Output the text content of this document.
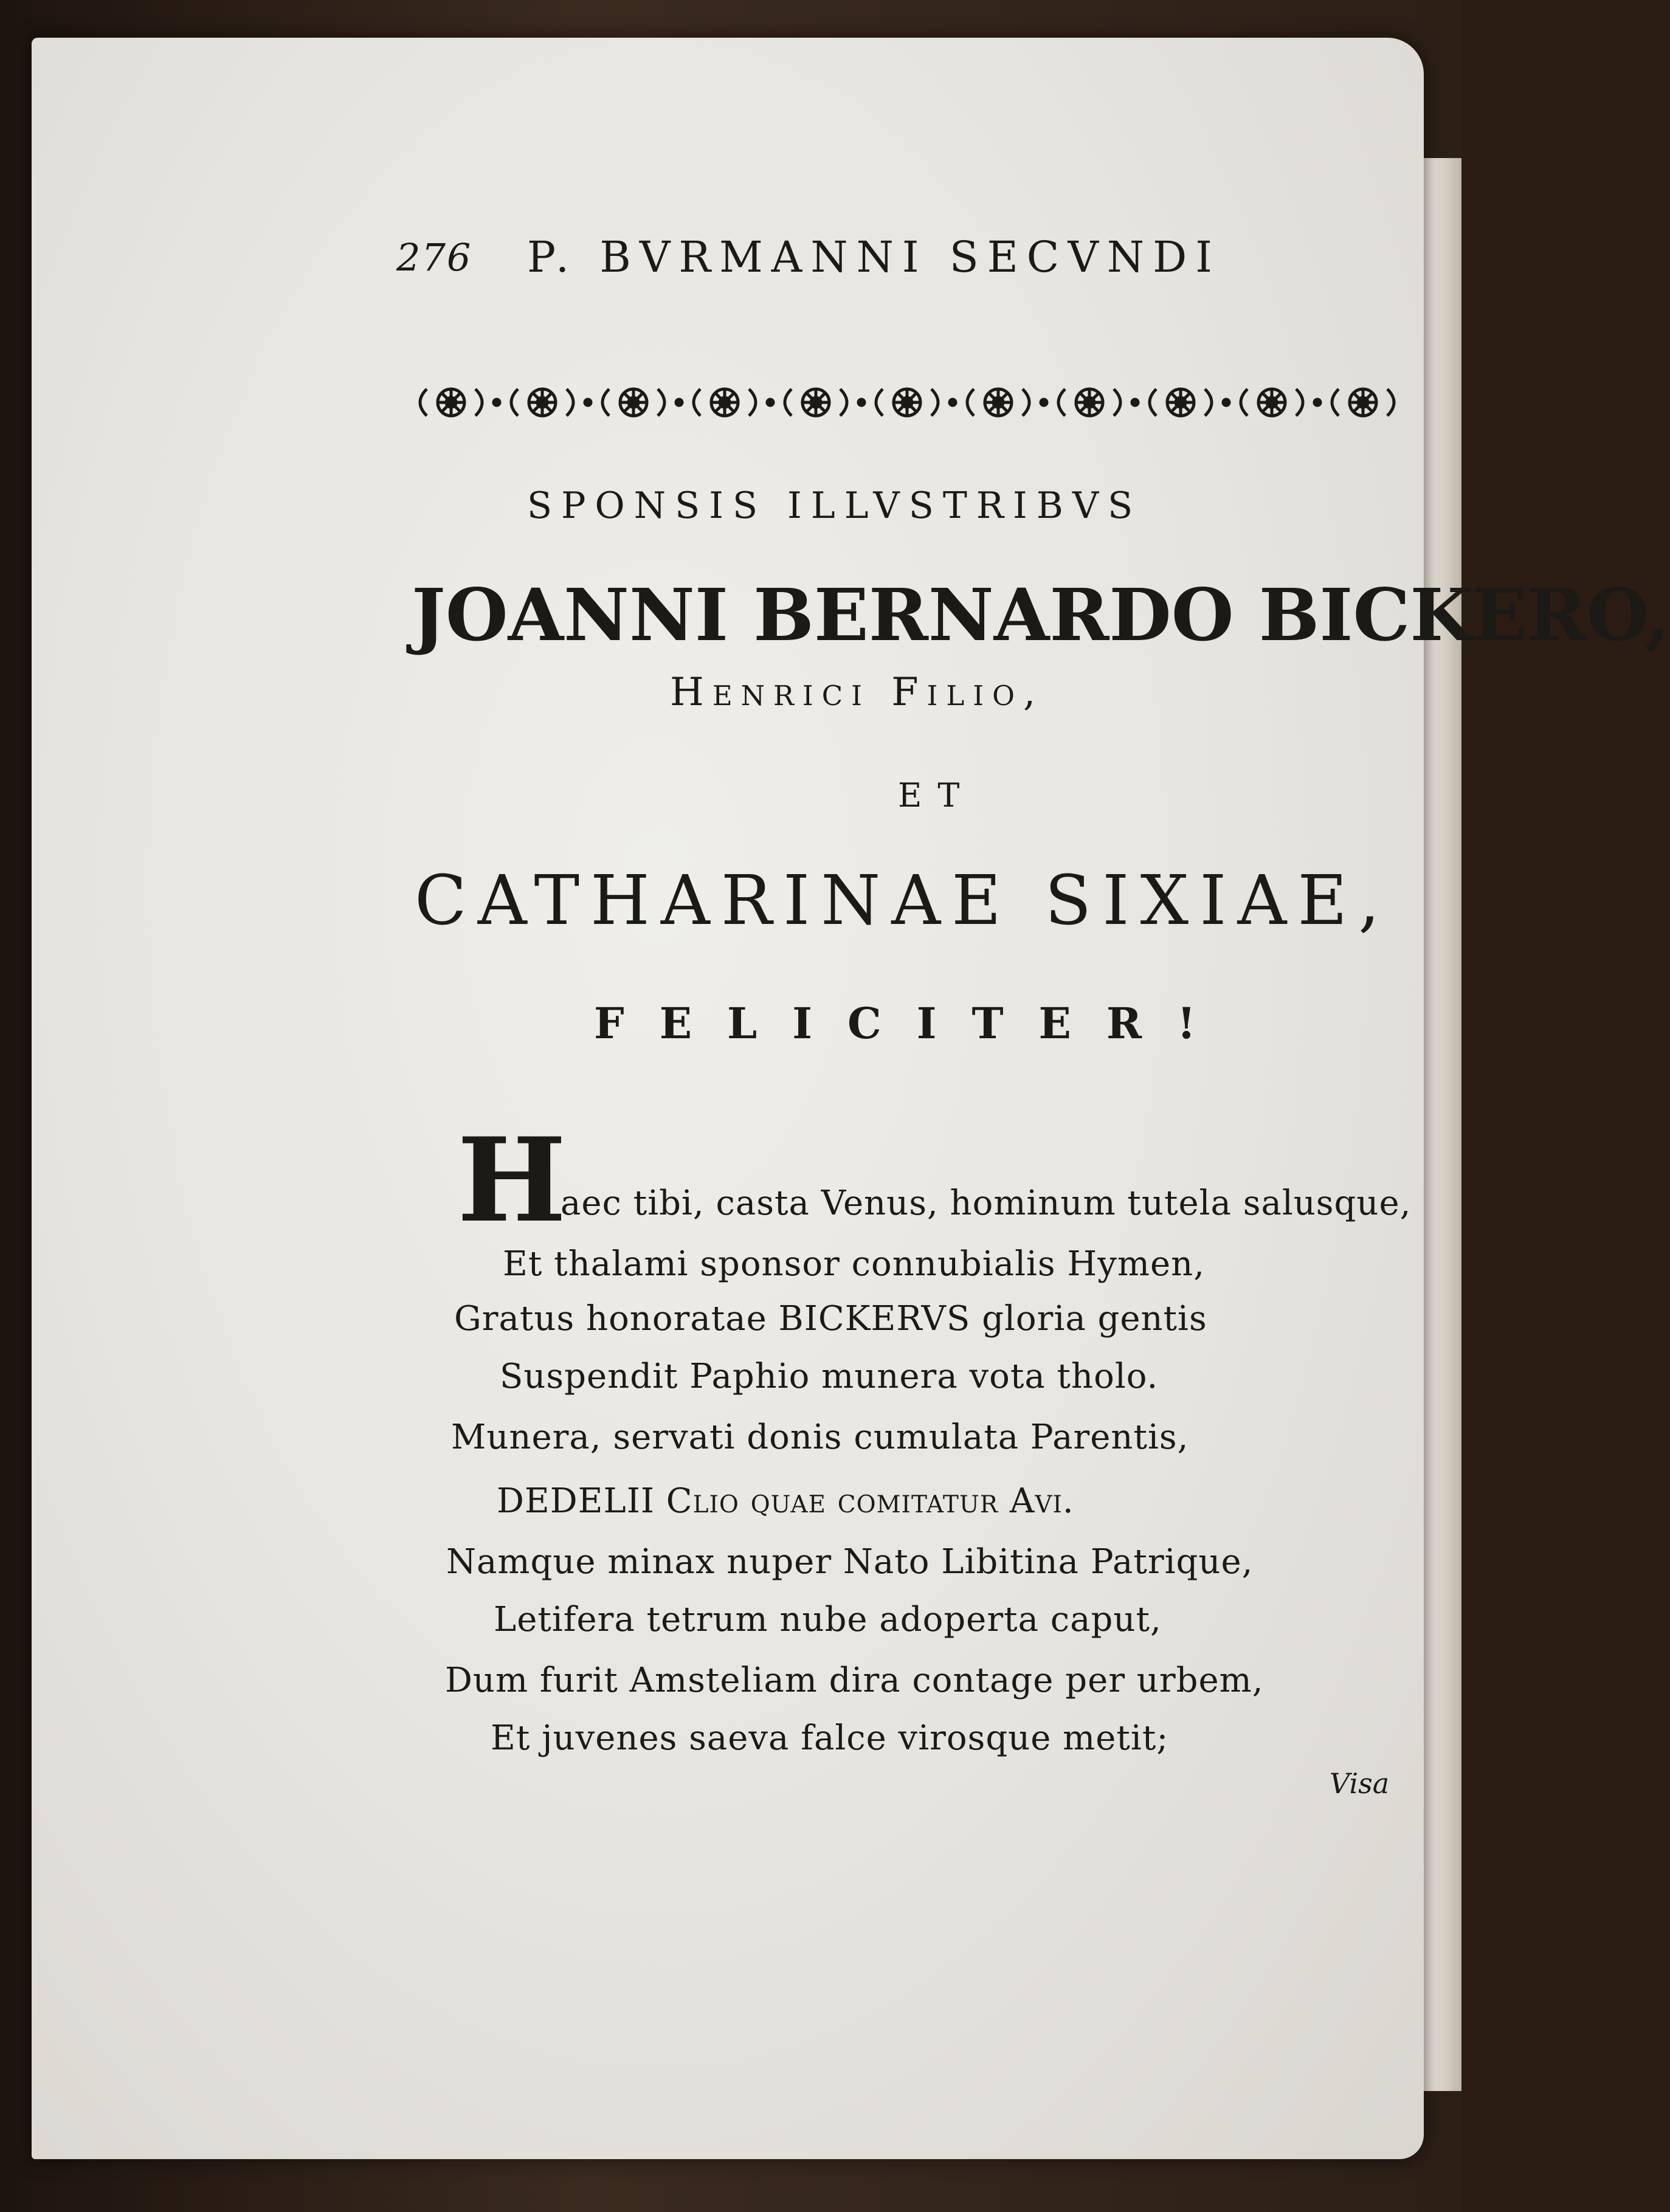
276 P. BVRMANNI SECVNDI
SPONSIS ILLVSTRIBVS
JOANNI BERNARDO BICKERO,
Henrici Filio,
ET
CATHARINAE SIXIAE,
FELICITER!
H
aec tibi, casta Venus, hominum tutela salusque,
Et thalami sponsor connubialis Hymen,
Gratus honoratae BICKERVS gloria gentis
Suspendit Paphio munera vota tholo.
Munera, servati donis cumulata Parentis,
DEDELII Clio quae comitatur Avi.
Namque minax nuper Nato Libitina Patrique,
Letifera tetrum nube adoperta caput,
Dum furit Amsteliam dira contage per urbem,
Et juvenes saeva falce virosque metit;
Visa
